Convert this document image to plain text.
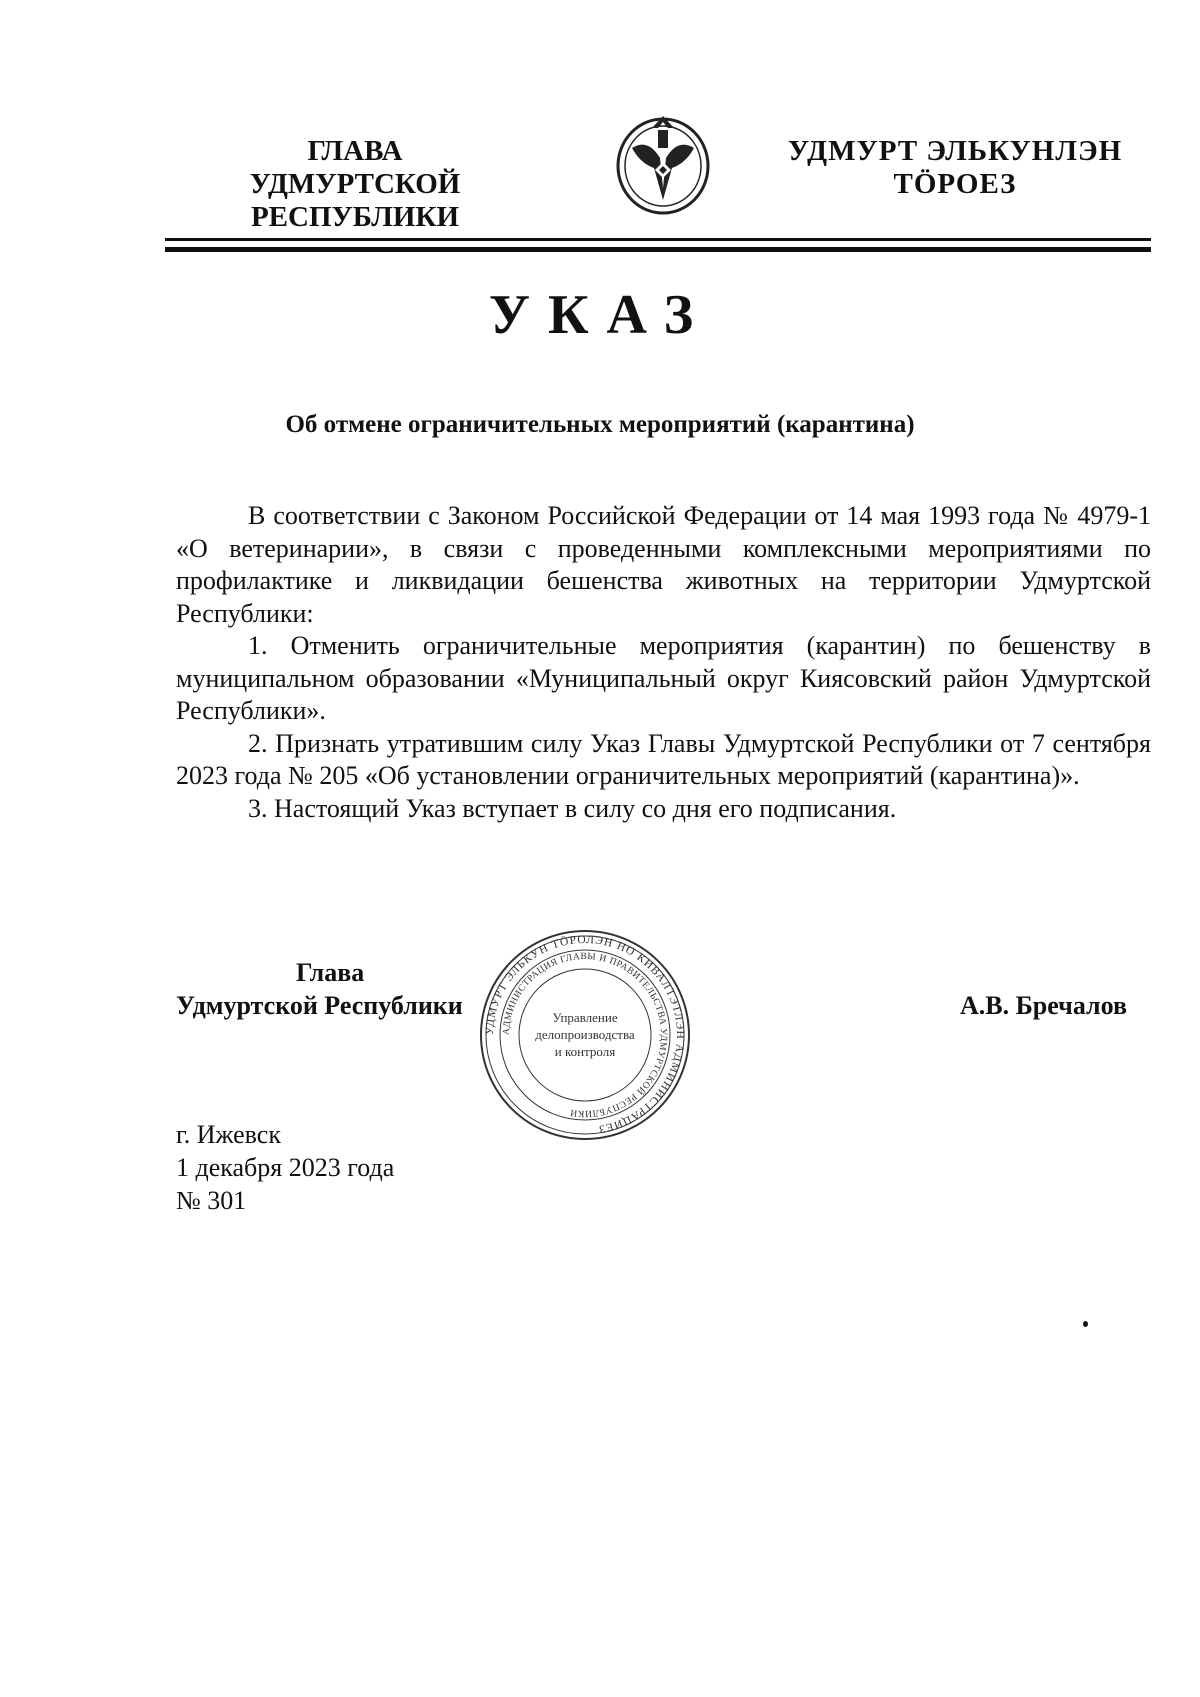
ГЛАВА
УДМУРТСКОЙ РЕСПУБЛИКИ
УДМУРТ ЭЛЬКУНЛЭН
ТӦРОЕЗ
УКАЗ
Об отмене ограничительных мероприятий (карантина)

В соответствии с Законом Российской Федерации от 14 мая 1993 года № 4979-1 «О ветеринарии», в связи с проведенными комплексными мероприятиями по профилактике и ликвидации бешенства животных на территории Удмуртской Республики:

1. Отменить ограничительные мероприятия (карантин) по бешенству в муниципальном образовании «Муниципальный округ Киясовский район Удмуртской Республики».

2. Признать утратившим силу Указ Главы Удмуртской Республики от 7 сентября 2023 года № 205 «Об установлении ограничительных мероприятий (карантина)».

3. Настоящий Указ вступает в силу со дня его подписания.

Глава
Удмуртской Республики
УДМУРТ ЭЛЬКУН ТӦРОЛЭН НО КИВАЛТЭТЛЭН АДМИНИСТРАЦИЕЗ
АДМИНИСТРАЦИЯ ГЛАВЫ И ПРАВИТЕЛЬСТВА УДМУРТСКОЙ РЕСПУБЛИКИ
Управление
делопроизводства
и контроля
А.В. Бречалов
г. Ижевск
1 декабря 2023 года
№ 301
